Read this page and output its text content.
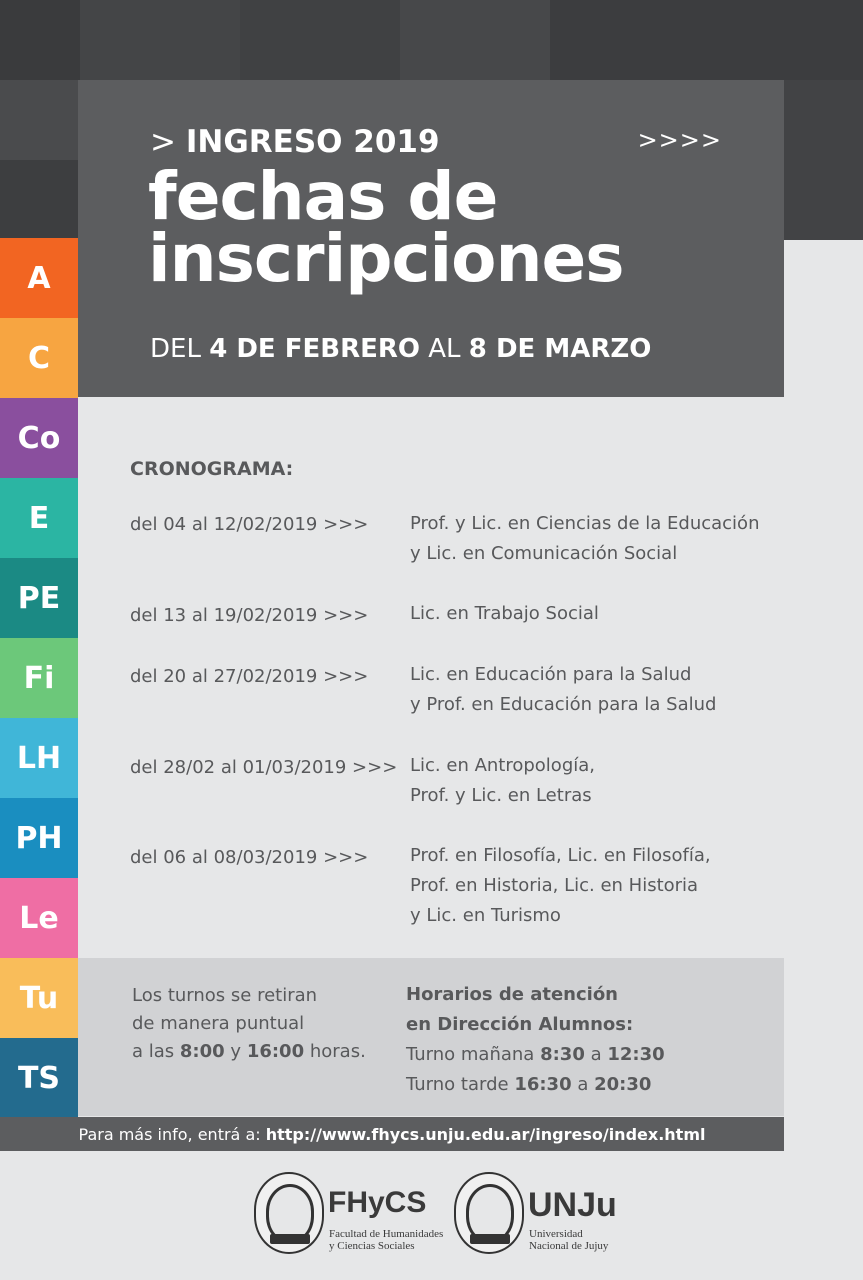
> INGRESO 2019	>>>>
fechas de
inscripciones
DEL 4 DE FEBRERO AL 8 DE MARZO
A
C
Co
E
PE
Fi
LH
PH
Le
Tu
TS
CRONOGRAMA:
del 04 al 12/02/2019 >>> Prof. y Lic. en Ciencias de la Educación
y Lic. en Comunicación Social
del 13 al 19/02/2019 >>> Lic. en Trabajo Social
del 20 al 27/02/2019 >>> Lic. en Educación para la Salud
y Prof. en Educación para la Salud
del 28/02 al 01/03/2019 >>> Lic. en Antropología,
Prof. y Lic. en Letras
del 06 al 08/03/2019 >>> Prof. en Filosofía, Lic. en Filosofía,
Prof. en Historia, Lic. en Historia
y Lic. en Turismo
Los turnos se retiran
de manera puntual
a las 8:00 y 16:00 horas.
Horarios de atención
en Dirección Alumnos:
Turno mañana 8:30 a 12:30
Turno tarde 16:30 a 20:30
Para más info, entrá a:
http://www.fhycs.unju.edu.ar/ingreso/index.html
FHyCS
Facultad de Humanidades
y Ciencias Sociales
UNJu
Universidad
Nacional de Jujuy
